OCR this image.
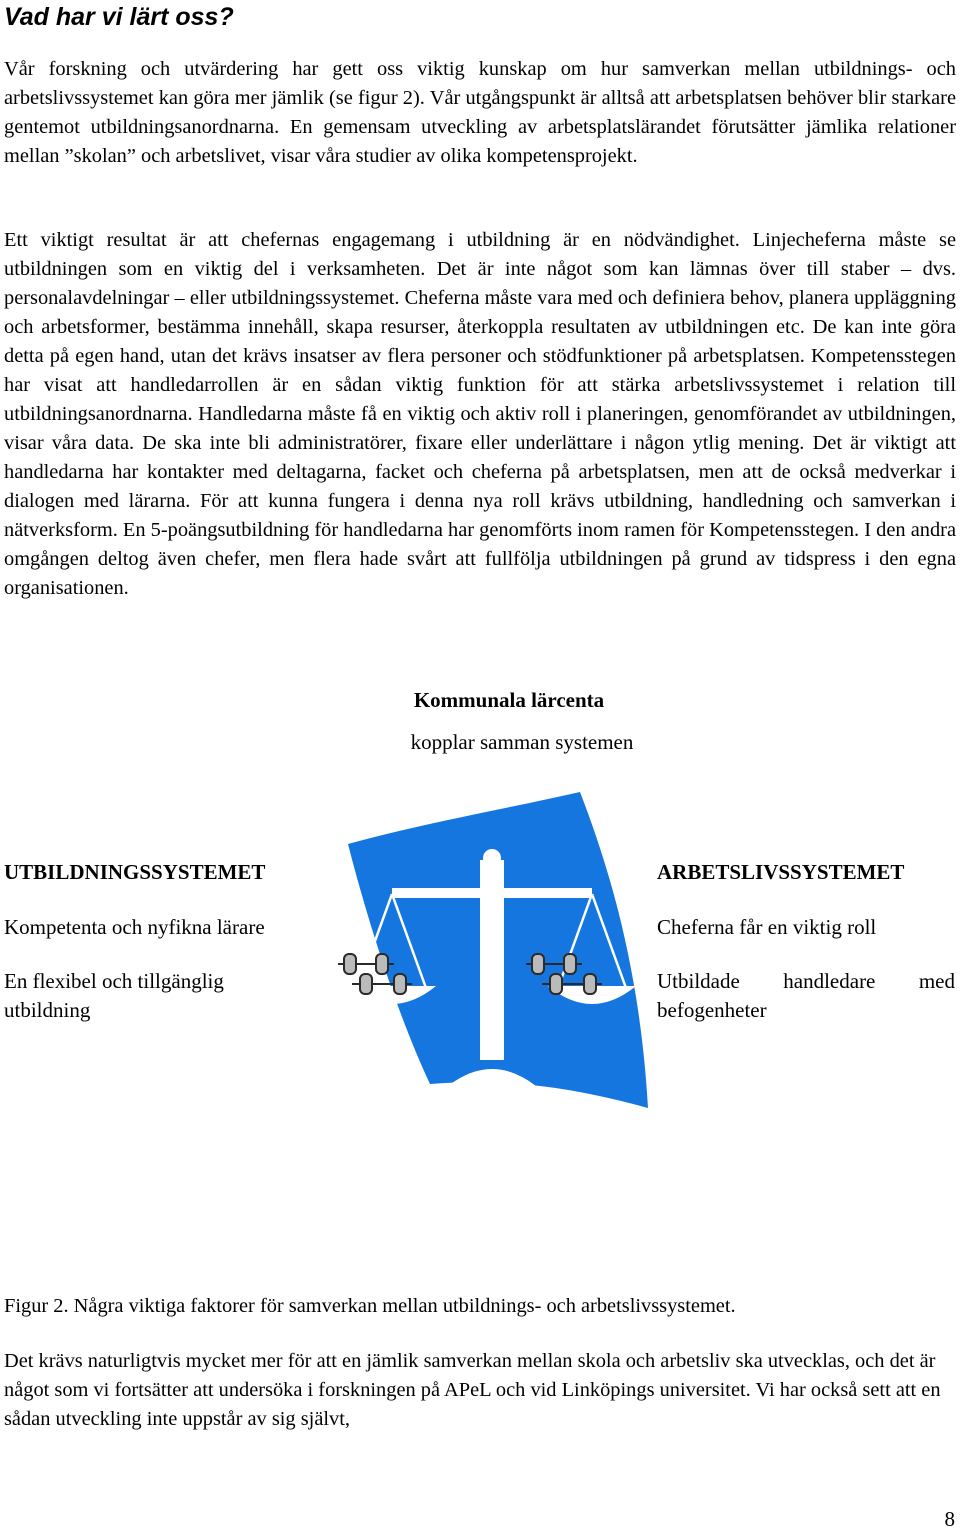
Vad har vi lärt oss?

Vår forskning och utvärdering har gett oss viktig kunskap om hur samverkan mellan utbildnings- och arbetslivssystemet kan göra mer jämlik (se figur 2). Vår utgångspunkt är alltså att arbetsplatsen behöver blir starkare gentemot utbildningsanordnarna. En gemensam utveckling av arbetsplatslärandet förutsätter jämlika relationer mellan ”skolan” och arbetslivet, visar våra studier av olika kompetensprojekt.

Ett viktigt resultat är att chefernas engagemang i utbildning är en nödvändighet. Linjecheferna måste se utbildningen som en viktig del i verksamheten. Det är inte något som kan lämnas över till staber – dvs. personalavdelningar – eller utbildningssystemet. Cheferna måste vara med och definiera behov, planera uppläggning och arbetsformer, bestämma innehåll, skapa resurser, återkoppla resultaten av utbildningen etc. De kan inte göra detta på egen hand, utan det krävs insatser av flera personer och stödfunktioner på arbetsplatsen. Kompetensstegen har visat att handledarrollen är en sådan viktig funktion för att stärka arbetslivssystemet i relation till utbildningsanordnarna. Handledarna måste få en viktig och aktiv roll i planeringen, genomförandet av utbildningen, visar våra data. De ska inte bli administratörer, fixare eller underlättare i någon ytlig mening. Det är viktigt att handledarna har kontakter med deltagarna, facket och cheferna på arbetsplatsen, men att de också medverkar i dialogen med lärarna. För att kunna fungera i denna nya roll krävs utbildning, handledning och samverkan i nätverksform. En 5-poängsutbildning för handledarna har genomförts inom ramen för Kompetensstegen. I den andra omgången deltog även chefer, men flera hade svårt att fullfölja utbildningen på grund av tidspress i den egna organisationen.

Kommunala lärcenta
kopplar samman systemen
UTBILDNINGSSYSTEMET
Kompetenta och nyfikna lärare
En flexibel och tillgänglig utbildning
ARBETSLIVSSYSTEMET
Cheferna får en viktig roll
Utbildade handledare med befogenheter

Figur 2. Några viktiga faktorer för samverkan mellan utbildnings- och arbetslivssystemet.

Det krävs naturligtvis mycket mer för att en jämlik samverkan mellan skola och arbetsliv ska utvecklas, och det är något som vi fortsätter att undersöka i forskningen på APeL och vid Linköpings universitet. Vi har också sett att en sådan utveckling inte uppstår av sig självt,

8
